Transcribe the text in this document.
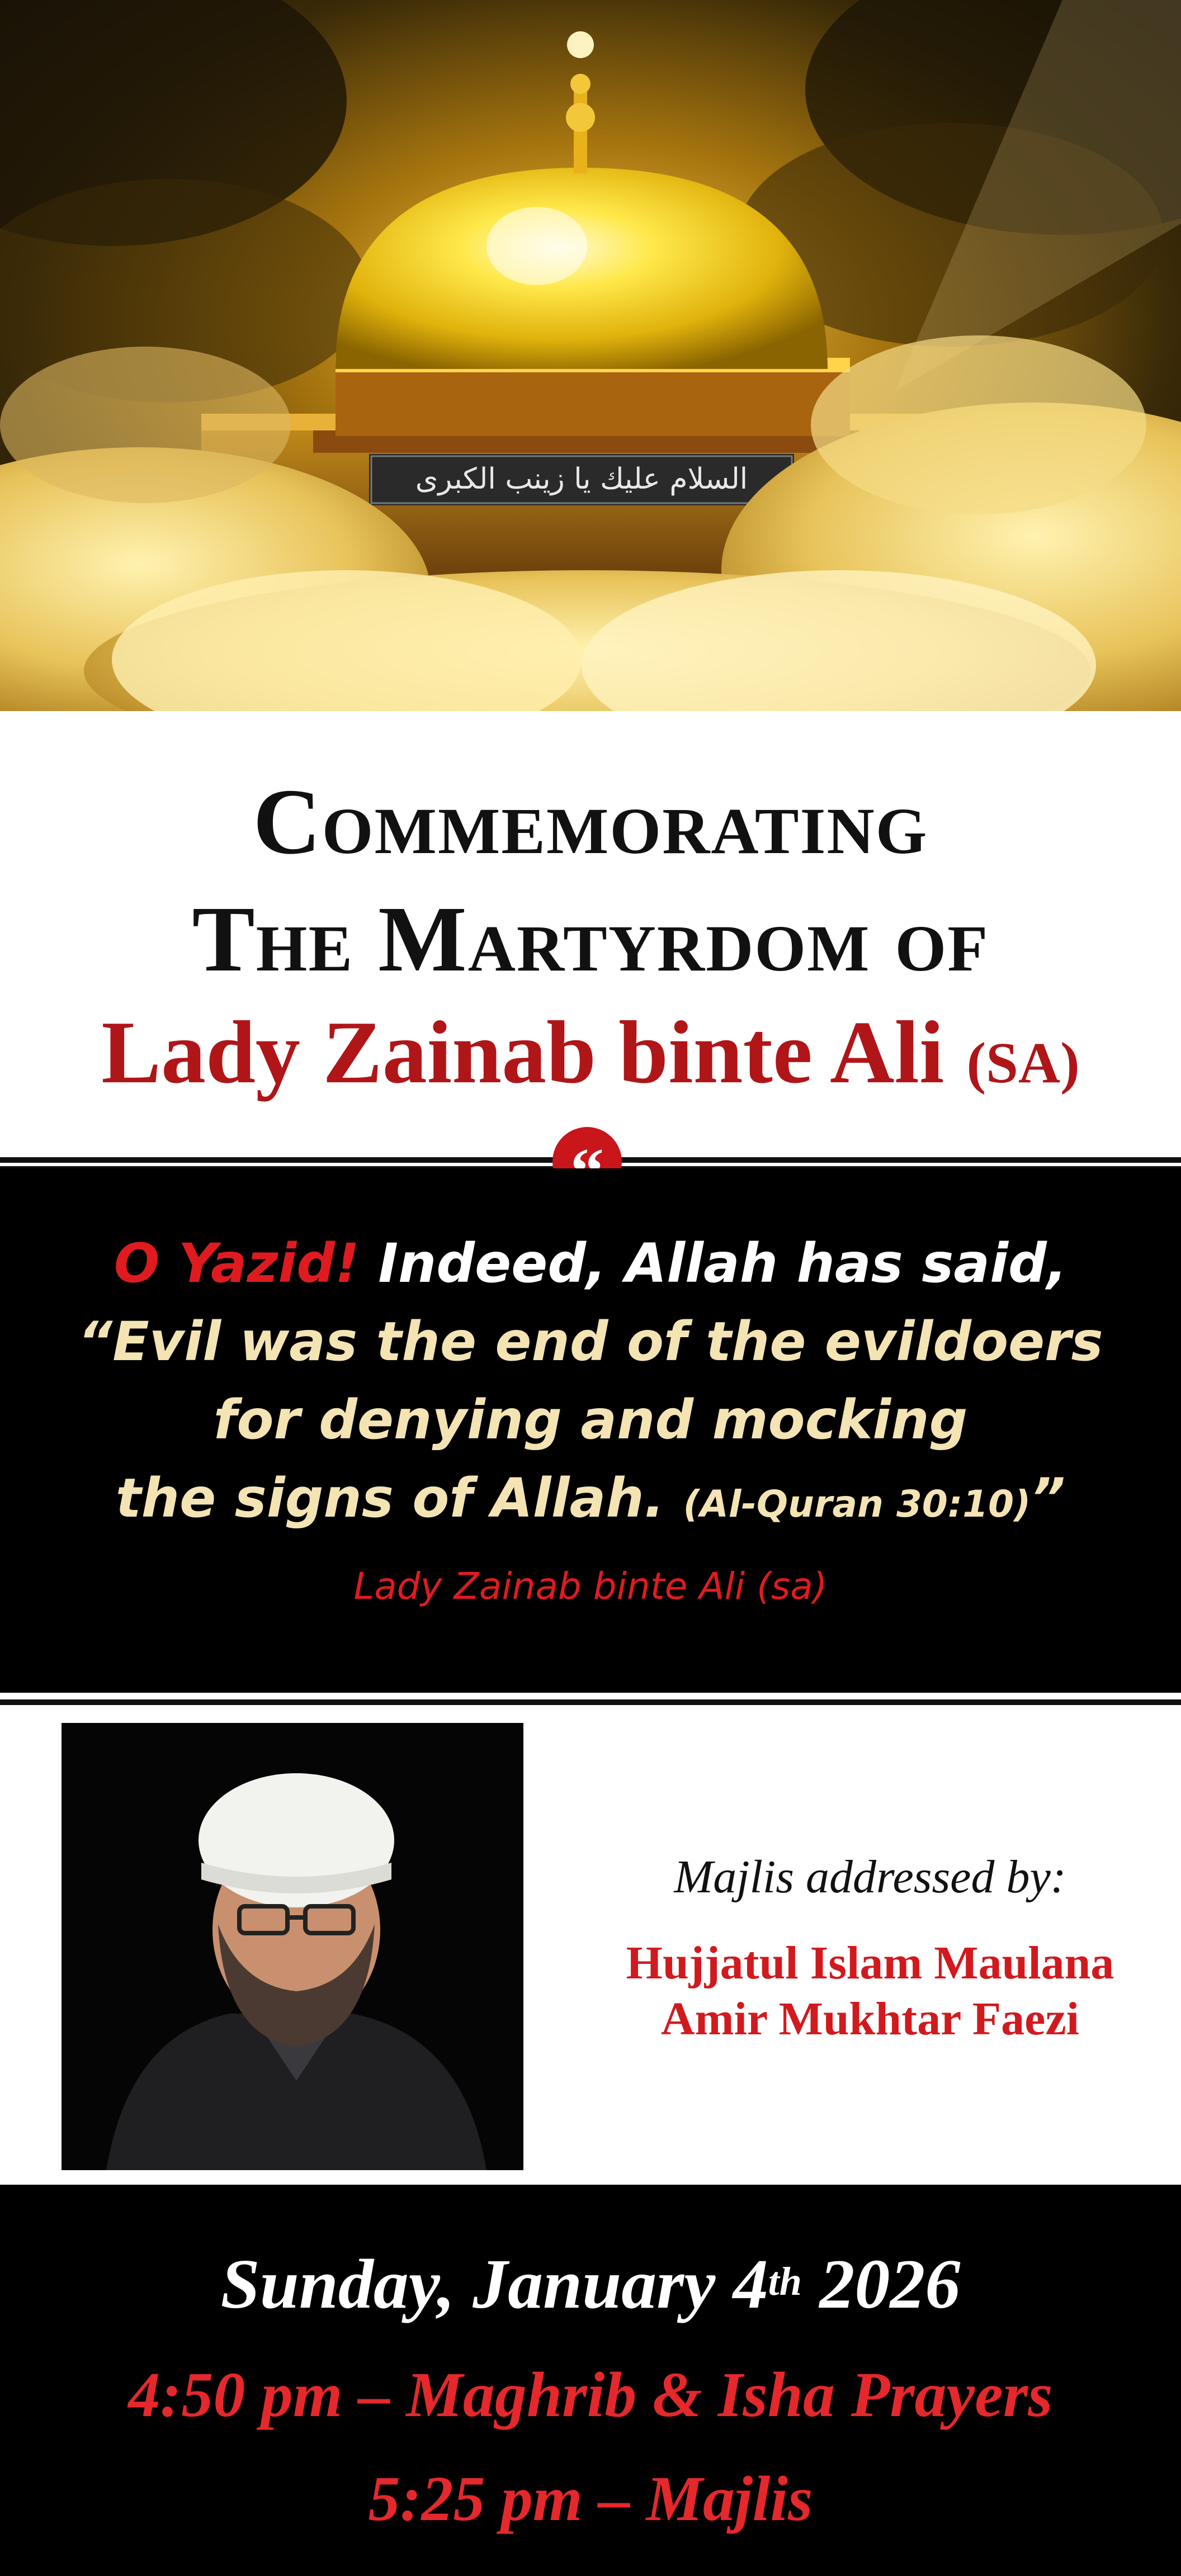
السلام عليك يا زينب الكبرى
Commemorating
The Martyrdom of
Lady Zainab binte Ali (SA)
O Yazid! Indeed, Allah has said,
“Evil was the end of the evildoers
for denying and mocking
the signs of Allah. (Al-Quran 30:10)”
Lady Zainab binte Ali (sa)
Majlis addressed by:
Hujjatul Islam Maulana
Amir Mukhtar Faezi
Sunday, January 4th 2026
4:50 pm – Maghrib & Isha Prayers
5:25 pm – Majlis
